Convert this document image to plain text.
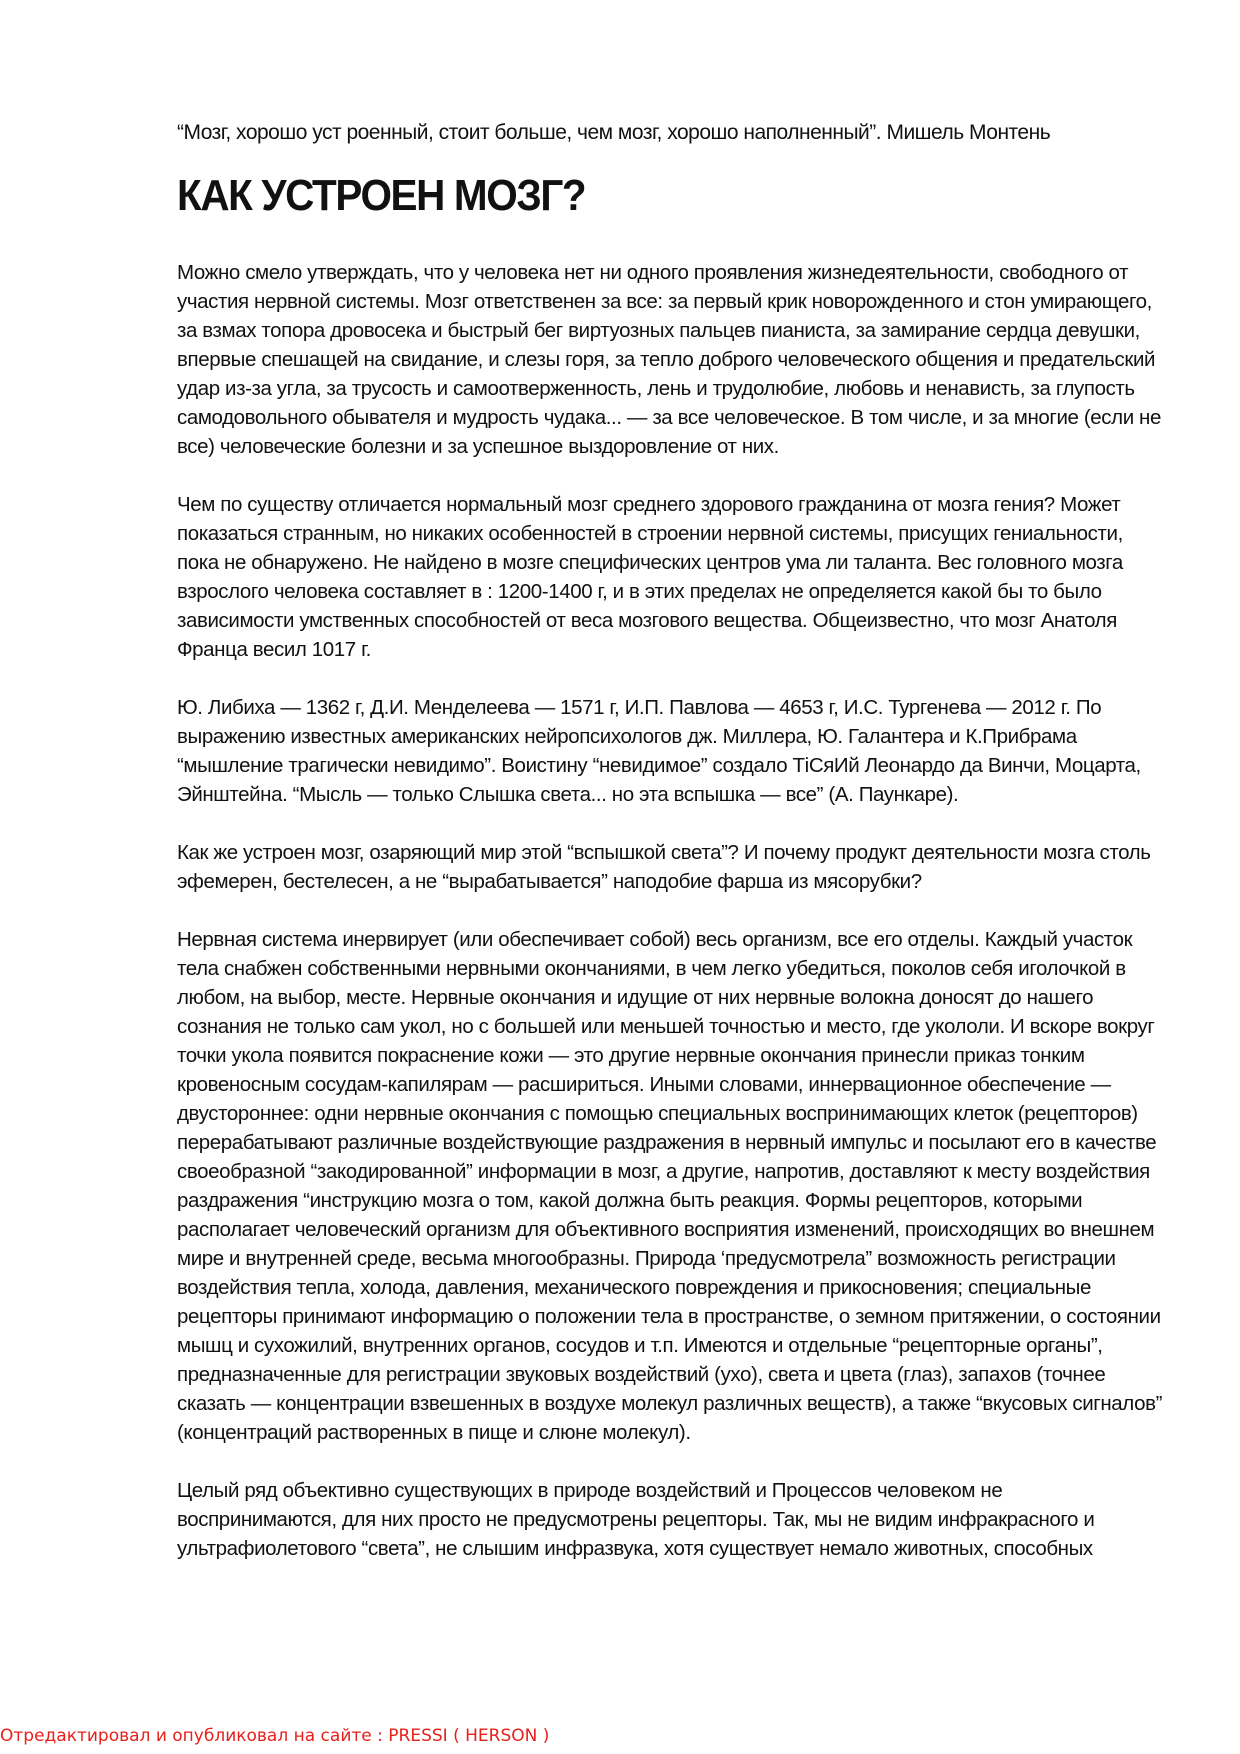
“Мозг, хорошо уст роенный, стоит больше, чем мозг, хорошо наполненный”. Мишель Монтень
КАК УСТРОЕН МОЗГ?

Можно смело утверждать, что у человека нет ни одного проявления жизнедеятельности, свободного от участия нервной системы. Мозг ответственен за все: за первый крик новорожденного и стон умирающего, за взмах топора дровосека и быстрый бег виртуозных пальцев пианиста, за замирание сердца девушки, впервые спешащей на свидание, и слезы горя, за тепло доброго человеческого общения и предательский удар из-за угла, за трусость и самоотверженность, лень и трудолюбие, любовь и ненависть, за глупость самодовольного обывателя и мудрость чудака... — за все человеческое. В том числе, и за многие (если не все) человеческие болезни и за успешное выздоровление от них.

Чем по существу отличается нормальный мозг среднего здорового гражданина от мозга гения? Может показаться странным, но никаких особенностей в строении нервной системы, присущих гениальности, пока не обнаружено. Не найдено в мозге специфических центров ума ли таланта. Вес головного мозга взрослого человека составляет в : 1200-1400 г, и в этих пределах не определяется какой бы то было зависимости умственных способностей от веса мозгового вещества. Общеизвестно, что мозг Анатоля Франца весил 1017 г.

Ю. Либиха — 1362 г, Д.И. Менделеева — 1571 г, И.П. Павлова — 4653 г, И.С. Тургенева — 2012 г. По выражению известных американских нейропсихологов дж. Миллера, Ю. Галантера и К.Прибрама “мышление трагически невидимо”. Воистину “невидимое” создало ТіСяИй Леонардо да Винчи, Моцарта, Эйнштейна. “Мысль — только Слышка света... но эта вспышка — все” (А. Паункаре).

Как же устроен мозг, озаряющий мир этой “вспышкой света”? И почему продукт деятельности мозга столь эфемерен, бестелесен, а не “вырабатывается” наподобие фарша из мясорубки?

Нервная система инервирует (или обеспечивает собой) весь организм, все его отделы. Каждый участок тела снабжен собственными нервными окончаниями, в чем легко убедиться, поколов себя иголочкой в любом, на выбор, месте. Нервные окончания и идущие от них нервные волокна доносят до нашего сознания не только сам укол, но с большей или меньшей точностью и место, где укололи. И вскоре вокруг точки укола появится покраснение кожи — это другие нервные окончания принесли приказ тонким кровеносным сосудам-капилярам — расшириться. Иными словами, иннервационное обеспечение — двустороннее: одни нервные окончания с помощью специальных воспринимающих клеток (рецепторов) перерабатывают различные воздействующие раздражения в нервный импульс и посылают его в качестве своеобразной “закодированной” информации в мозг, а другие, напротив, доставляют к месту воздействия раздражения “инструкцию мозга о том, какой должна быть реакция. Формы рецепторов, которыми располагает человеческий организм для объективного восприятия изменений, происходящих во внешнем мире и внутренней среде, весьма многообразны. Природа ‘предусмотрела” возможность регистрации воздействия тепла, холода, давления, механического повреждения и прикосновения; специальные рецепторы принимают информацию о положении тела в пространстве, о земном притяжении, о состоянии мышц и сухожилий, внутренних органов, сосудов и т.п. Имеются и отдельные “рецепторные органы”, предназначенные для регистрации звуковых воздействий (ухо), света и цвета (глаз), запахов (точнее сказать — концентрации взвешенных в воздухе молекул различных веществ), а также “вкусовых сигналов” (концентраций растворенных в пище и слюне молекул).

Целый ряд объективно существующих в природе воздействий и Процессов человеком не воспринимаются, для них просто не предусмотрены рецепторы. Так, мы не видим инфракрасного и ультрафиолетового “света”, не слышим инфразвука, хотя существует немало животных, способных

Отредактировал и опубликовал на сайте : PRESSI ( HERSON )
